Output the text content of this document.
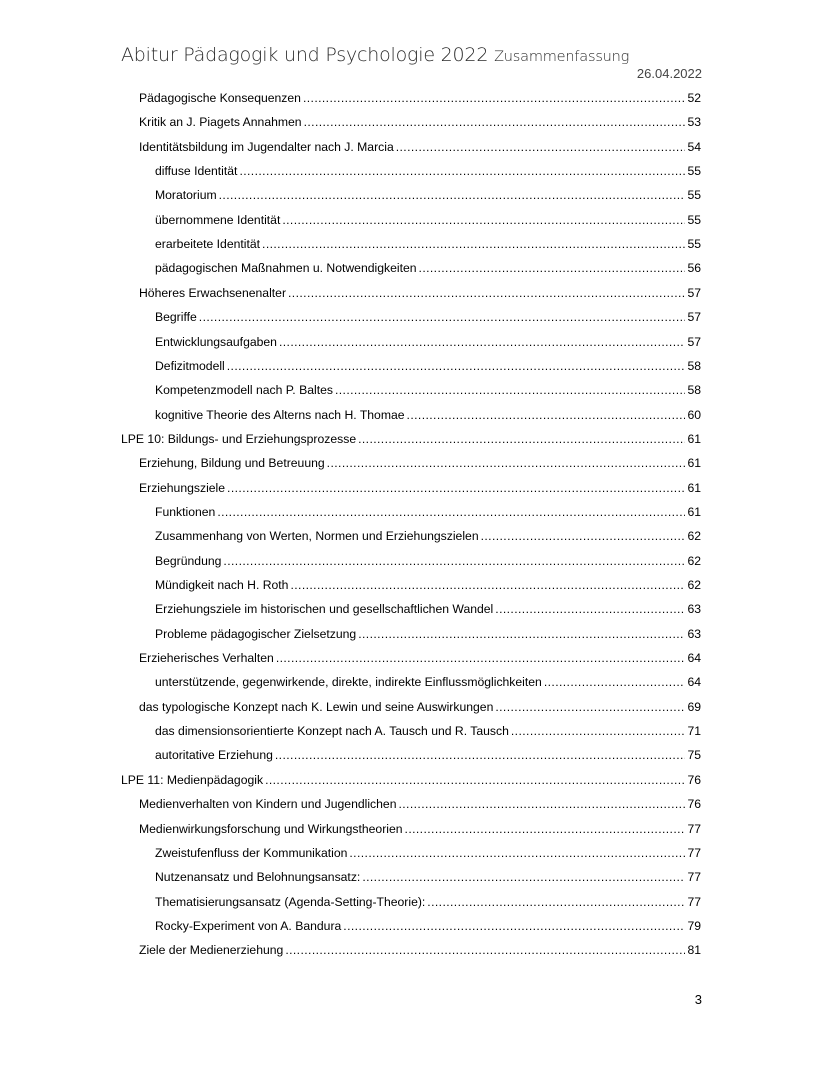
Abitur Pädagogik und Psychologie 2022 Zusammenfassung
26.04.2022
Pädagogische Konsequenzen .....	52
Kritik an J. Piagets Annahmen .....	53
Identitätsbildung im Jugendalter nach J. Marcia .....	54
diffuse Identität .....	55
Moratorium .....	55
übernommene Identität .....	55
erarbeitete Identität .....	55
pädagogischen Maßnahmen u. Notwendigkeiten .....	56
Höheres Erwachsenenalter .....	57
Begriffe .....	57
Entwicklungsaufgaben .....	57
Defizitmodell .....	58
Kompetenzmodell nach P. Baltes .....	58
kognitive Theorie des Alterns nach H. Thomae .....	60
LPE 10: Bildungs- und Erziehungsprozesse .....	61
Erziehung, Bildung und Betreuung .....	61
Erziehungsziele .....	61
Funktionen .....	61
Zusammenhang von Werten, Normen und Erziehungszielen .....	62
Begründung .....	62
Mündigkeit nach H. Roth .....	62
Erziehungsziele im historischen und gesellschaftlichen Wandel .....	63
Probleme pädagogischer Zielsetzung .....	63
Erzieherisches Verhalten .....	64
unterstützende, gegenwirkende, direkte, indirekte Einflussmöglichkeiten .....	64
das typologische Konzept nach K. Lewin und seine Auswirkungen .....	69
das dimensionsorientierte Konzept nach A. Tausch und R. Tausch .....	71
autoritative Erziehung .....	75
LPE 11: Medienpädagogik .....	76
Medienverhalten von Kindern und Jugendlichen .....	76
Medienwirkungsforschung und Wirkungstheorien .....	77
Zweistufenfluss der Kommunikation .....	77
Nutzenansatz und Belohnungsansatz: .....	77
Thematisierungsansatz (Agenda-Setting-Theorie): .....	77
Rocky-Experiment von A. Bandura .....	79
Ziele der Medienerziehung .....	81
3
